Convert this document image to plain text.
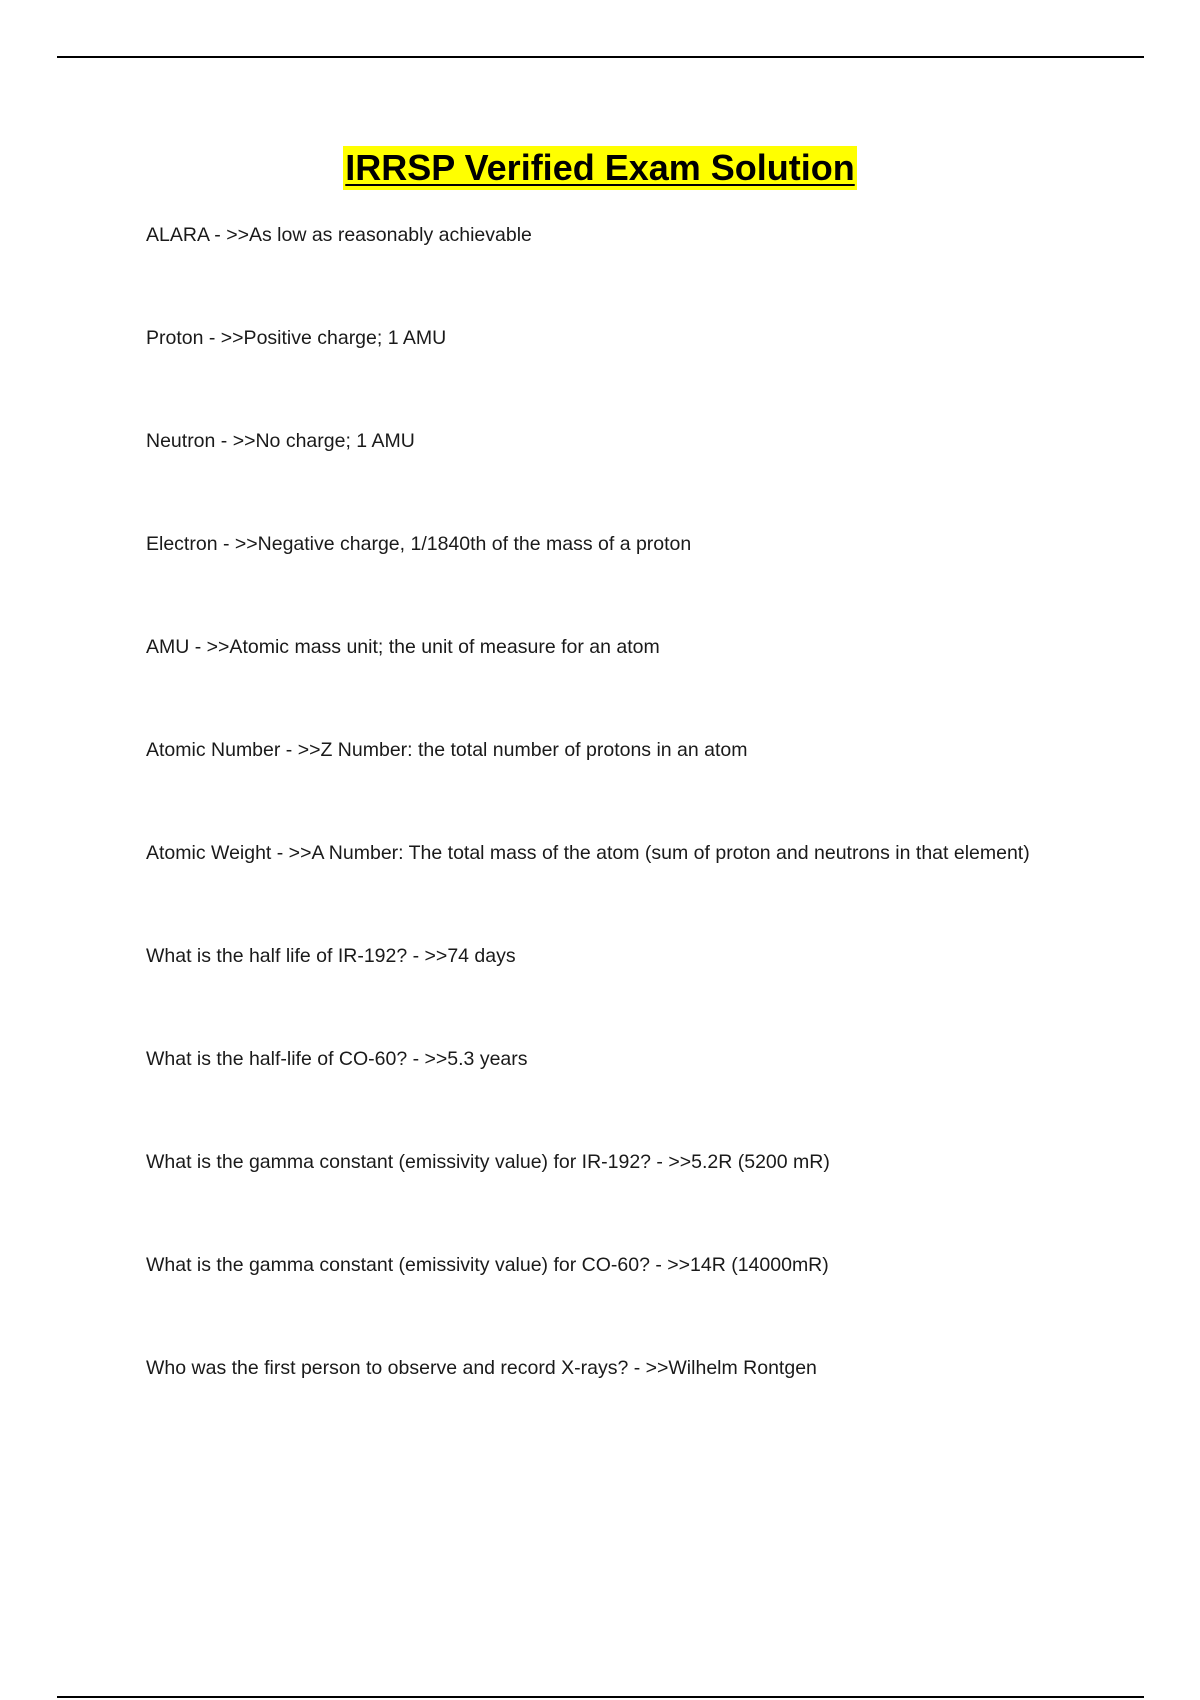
IRRSP Verified Exam Solution
ALARA - >>As low as reasonably achievable
Proton - >>Positive charge; 1 AMU
Neutron - >>No charge; 1 AMU
Electron - >>Negative charge, 1/1840th of the mass of a proton
AMU - >>Atomic mass unit; the unit of measure for an atom
Atomic Number - >>Z Number: the total number of protons in an atom
Atomic Weight - >>A Number: The total mass of the atom (sum of proton and neutrons in that element)
What is the half life of IR-192? - >>74 days
What is the half-life of CO-60? - >>5.3 years
What is the gamma constant (emissivity value) for IR-192? - >>5.2R (5200 mR)
What is the gamma constant (emissivity value) for CO-60? - >>14R (14000mR)
Who was the first person to observe and record X-rays? - >>Wilhelm Rontgen
